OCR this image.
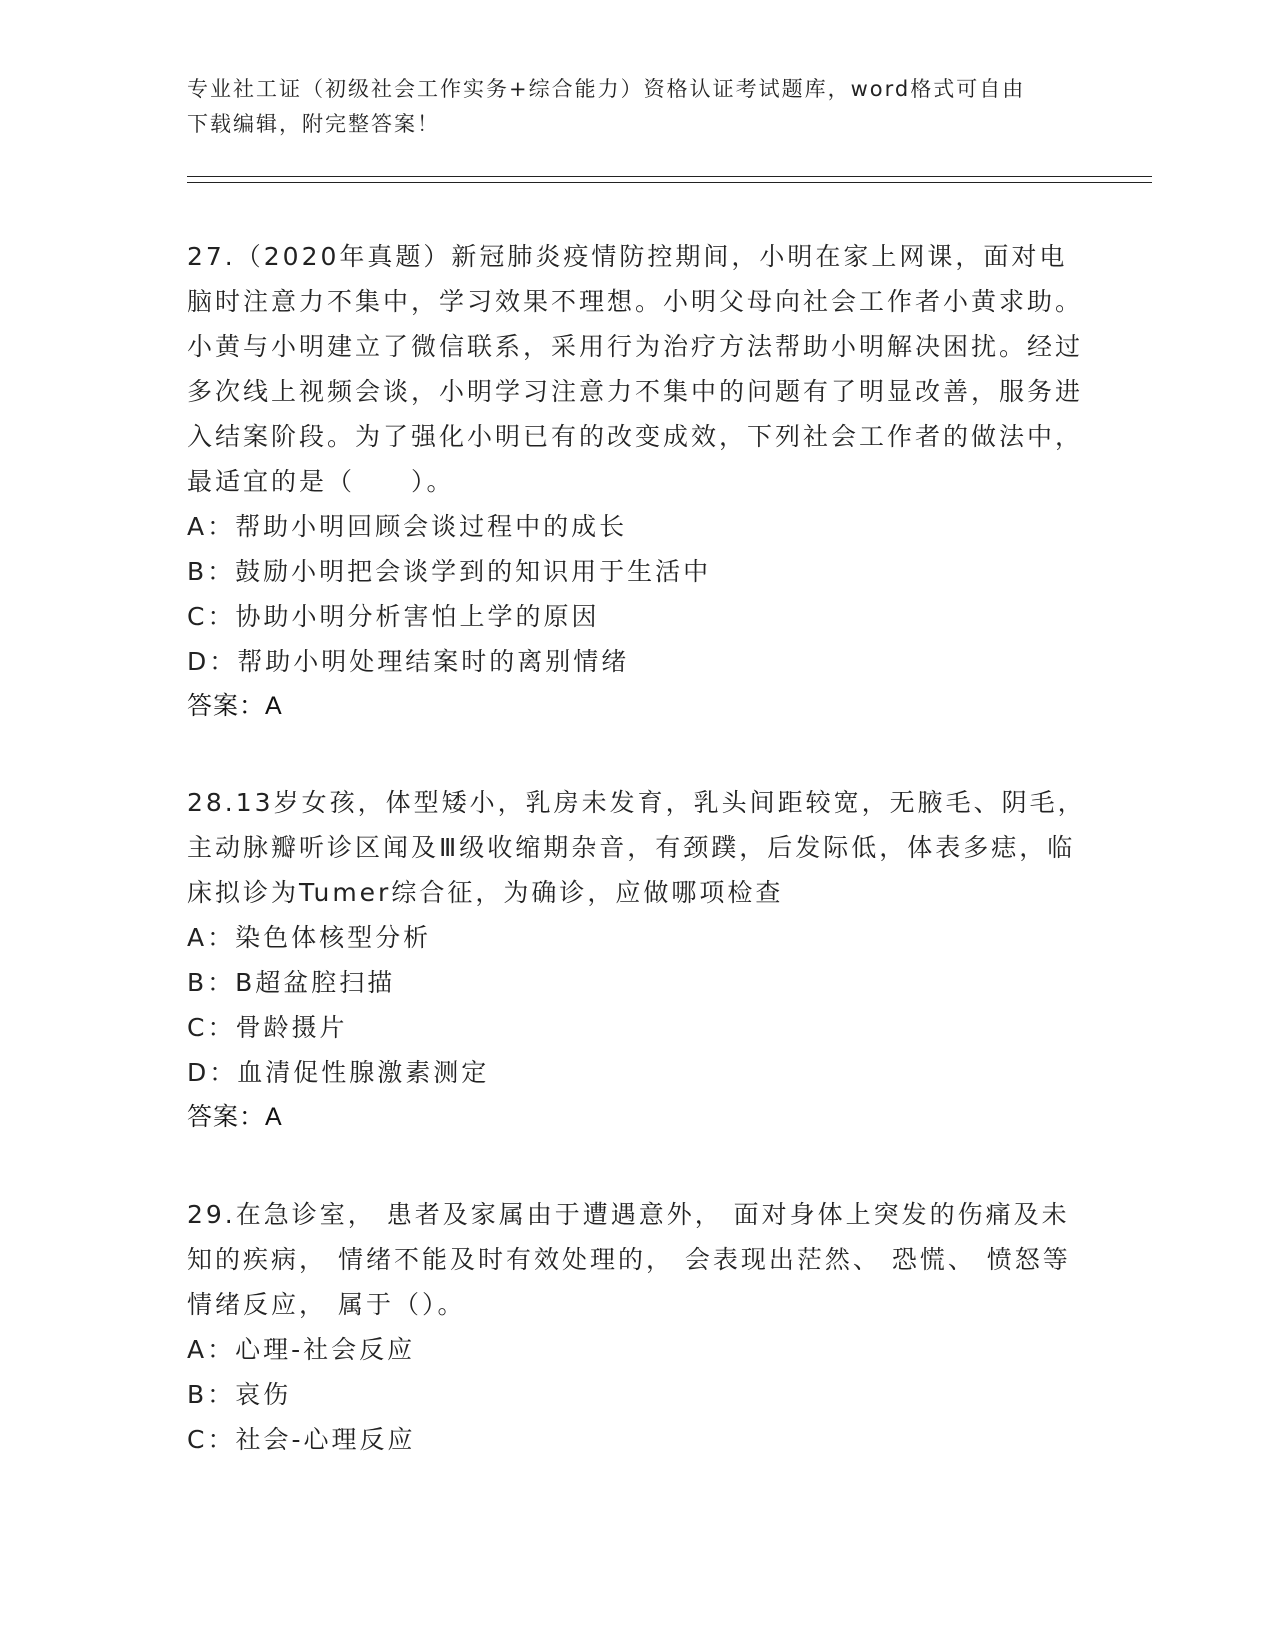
专业社工证（初级社会工作实务+综合能力）资格认证考试题库，word格式可自由
下载编辑，附完整答案！

27.（2020年真题）新冠肺炎疫情防控期间，小明在家上网课，面对电脑时注意力不集中，学习效果不理想。小明父母向社会工作者小黄求助。小黄与小明建立了微信联系，采用行为治疗方法帮助小明解决困扰。经过多次线上视频会谈，小明学习注意力不集中的问题有了明显改善，服务进入结案阶段。为了强化小明已有的改变成效，下列社会工作者的做法中，最适宜的是（　　）。

A：帮助小明回顾会谈过程中的成长

B：鼓励小明把会谈学到的知识用于生活中

C：协助小明分析害怕上学的原因

D：帮助小明处理结案时的离别情绪

答案：A

28.13岁女孩，体型矮小，乳房未发育，乳头间距较宽，无腋毛、阴毛，主动脉瓣听诊区闻及Ⅲ级收缩期杂音，有颈蹼，后发际低，体表多痣，临床拟诊为Tumer综合征，为确诊，应做哪项检查

A：染色体核型分析

B：B超盆腔扫描

C：骨龄摄片

D：血清促性腺激素测定

答案：A

29.在急诊室， 患者及家属由于遭遇意外， 面对身体上突发的伤痛及未知的疾病， 情绪不能及时有效处理的， 会表现出茫然、 恐慌、 愤怒等情绪反应， 属于（）。

A：心理-社会反应

B：哀伤

C：社会-心理反应
